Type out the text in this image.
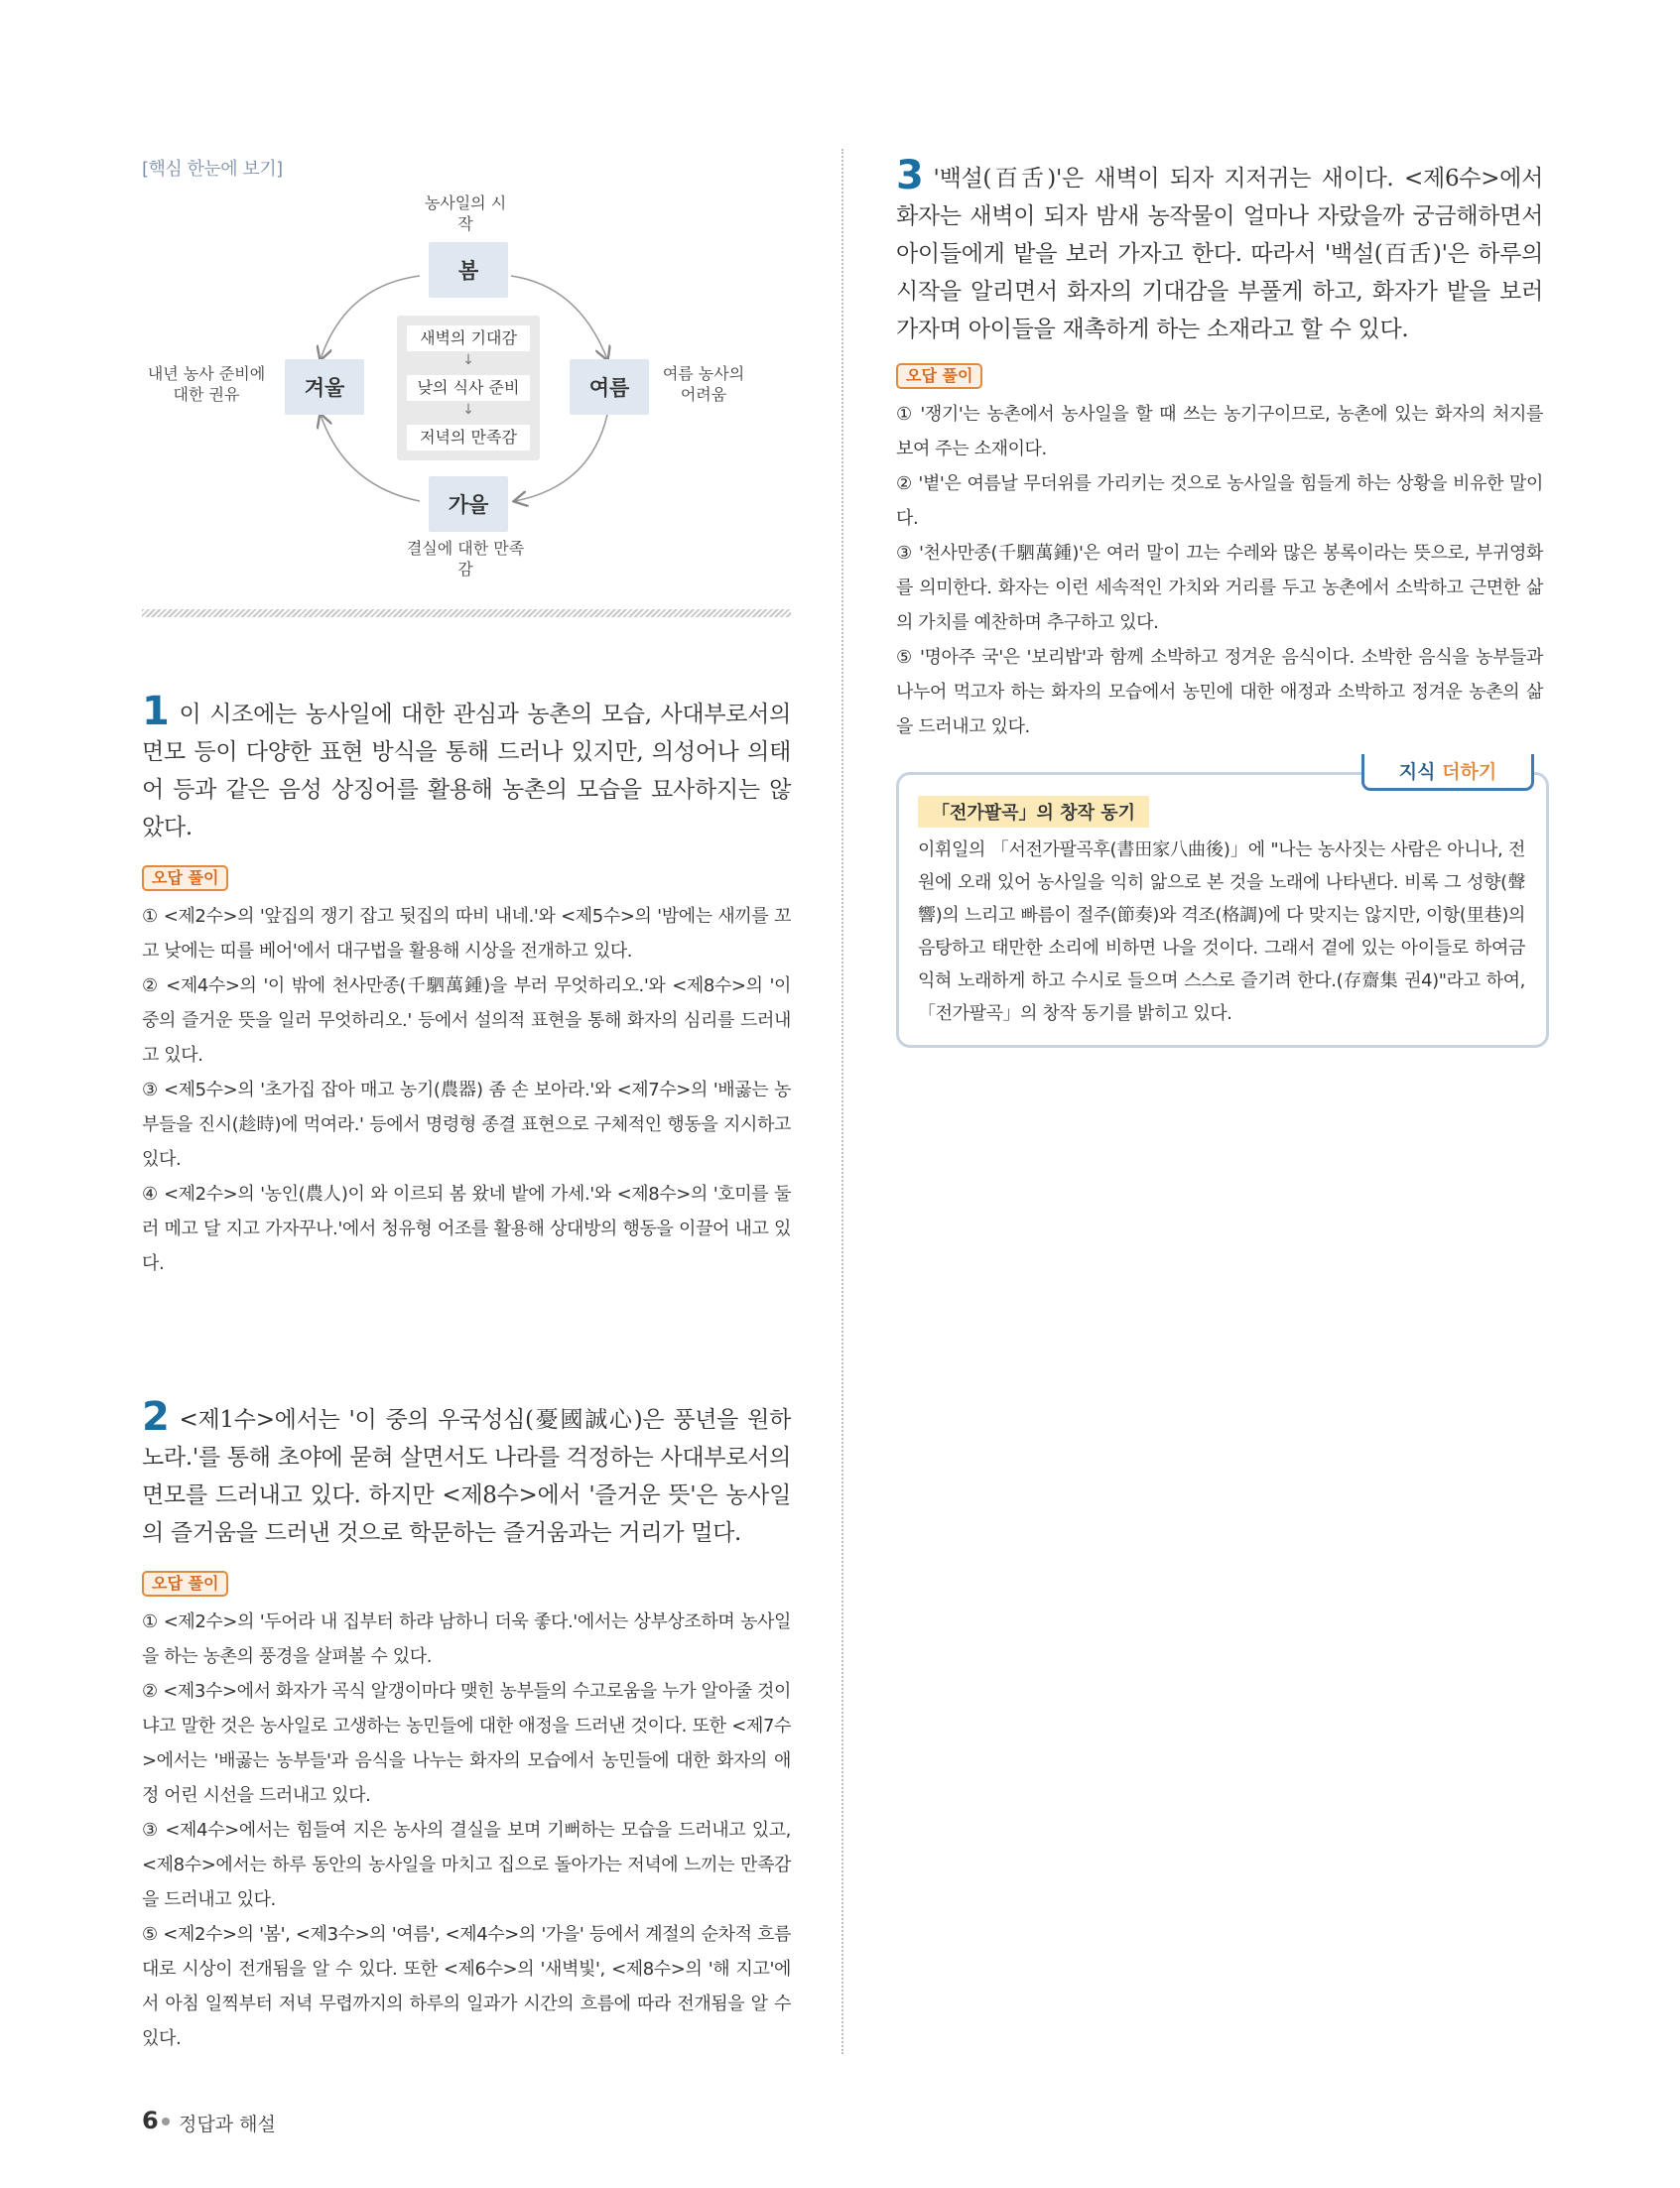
[핵심 한눈에 보기]
농사일의 시작
봄
내년 농사 준비에 대한 권유	겨울	여름
여름 농사의 어려움
가을
결실에 대한 만족감
새벽의 기대감
↓
낮의 식사 준비
↓
저녁의 만족감
1 이 시조에는 농사일에 대한 관심과 농촌의 모습, 사대부로서의 면모 등이 다양한 표현 방식을 통해 드러나 있지만, 의성어나 의태어 등과 같은 음성 상징어를 활용해 농촌의 모습을 묘사하지는 않았다.
오답 풀이
① <제2수>의 '앞집의 쟁기 잡고 뒷집의 따비 내네.'와 <제5수>의 '밤에는 새끼를 꼬고 낮에는 띠를 베어'에서 대구법을 활용해 시상을 전개하고 있다.
② <제4수>의 '이 밖에 천사만종(千駟萬鍾)을 부러 무엇하리오.'와 <제8수>의 '이 중의 즐거운 뜻을 일러 무엇하리오.' 등에서 설의적 표현을 통해 화자의 심리를 드러내고 있다.
③ <제5수>의 '초가집 잡아 매고 농기(農器) 좀 손 보아라.'와 <제7수>의 '배곯는 농부들을 진시(趁時)에 먹여라.' 등에서 명령형 종결 표현으로 구체적인 행동을 지시하고 있다.
④ <제2수>의 '농인(農人)이 와 이르되 봄 왔네 밭에 가세.'와 <제8수>의 '호미를 둘러 메고 달 지고 가자꾸나.'에서 청유형 어조를 활용해 상대방의 행동을 이끌어 내고 있다.
2 <제1수>에서는 '이 중의 우국성심(憂國誠心)은 풍년을 원하노라.'를 통해 초야에 묻혀 살면서도 나라를 걱정하는 사대부로서의 면모를 드러내고 있다. 하지만 <제8수>에서 '즐거운 뜻'은 농사일의 즐거움을 드러낸 것으로 학문하는 즐거움과는 거리가 멀다.
오답 풀이
① <제2수>의 '두어라 내 집부터 하랴 남하니 더욱 좋다.'에서는 상부상조하며 농사일을 하는 농촌의 풍경을 살펴볼 수 있다.
② <제3수>에서 화자가 곡식 알갱이마다 맺힌 농부들의 수고로움을 누가 알아줄 것이냐고 말한 것은 농사일로 고생하는 농민들에 대한 애정을 드러낸 것이다. 또한 <제7수>에서는 '배곯는 농부들'과 음식을 나누는 화자의 모습에서 농민들에 대한 화자의 애정 어린 시선을 드러내고 있다.
③ <제4수>에서는 힘들여 지은 농사의 결실을 보며 기뻐하는 모습을 드러내고 있고, <제8수>에서는 하루 동안의 농사일을 마치고 집으로 돌아가는 저녁에 느끼는 만족감을 드러내고 있다.
⑤ <제2수>의 '봄', <제3수>의 '여름', <제4수>의 '가을' 등에서 계절의 순차적 흐름대로 시상이 전개됨을 알 수 있다. 또한 <제6수>의 '새벽빛', <제8수>의 '해 지고'에서 아침 일찍부터 저녁 무렵까지의 하루의 일과가 시간의 흐름에 따라 전개됨을 알 수 있다.
3 '백설(百舌)'은 새벽이 되자 지저귀는 새이다. <제6수>에서 화자는 새벽이 되자 밤새 농작물이 얼마나 자랐을까 궁금해하면서 아이들에게 밭을 보러 가자고 한다. 따라서 '백설(百舌)'은 하루의 시작을 알리면서 화자의 기대감을 부풀게 하고, 화자가 밭을 보러 가자며 아이들을 재촉하게 하는 소재라고 할 수 있다.
오답 풀이
① '쟁기'는 농촌에서 농사일을 할 때 쓰는 농기구이므로, 농촌에 있는 화자의 처지를 보여 주는 소재이다.
② '볕'은 여름날 무더위를 가리키는 것으로 농사일을 힘들게 하는 상황을 비유한 말이다.
③ '천사만종(千駟萬鍾)'은 여러 말이 끄는 수레와 많은 봉록이라는 뜻으로, 부귀영화를 의미한다. 화자는 이런 세속적인 가치와 거리를 두고 농촌에서 소박하고 근면한 삶의 가치를 예찬하며 추구하고 있다.
⑤ '명아주 국'은 '보리밥'과 함께 소박하고 정겨운 음식이다. 소박한 음식을 농부들과 나누어 먹고자 하는 화자의 모습에서 농민에 대한 애정과 소박하고 정겨운 농촌의 삶을 드러내고 있다.
지식 더하기
「전가팔곡」의 창작 동기
이휘일의 「서전가팔곡후(書田家八曲後)」에 "나는 농사짓는 사람은 아니나, 전원에 오래 있어 농사일을 익히 앎으로 본 것을 노래에 나타낸다. 비록 그 성향(聲響)의 느리고 빠름이 절주(節奏)와 격조(格調)에 다 맞지는 않지만, 이항(里巷)의 음탕하고 태만한 소리에 비하면 나을 것이다. 그래서 곁에 있는 아이들로 하여금 익혀 노래하게 하고 수시로 들으며 스스로 즐기려 한다.(存齋集 권4)"라고 하여, 「전가팔곡」의 창작 동기를 밝히고 있다.
6 정답과 해설
